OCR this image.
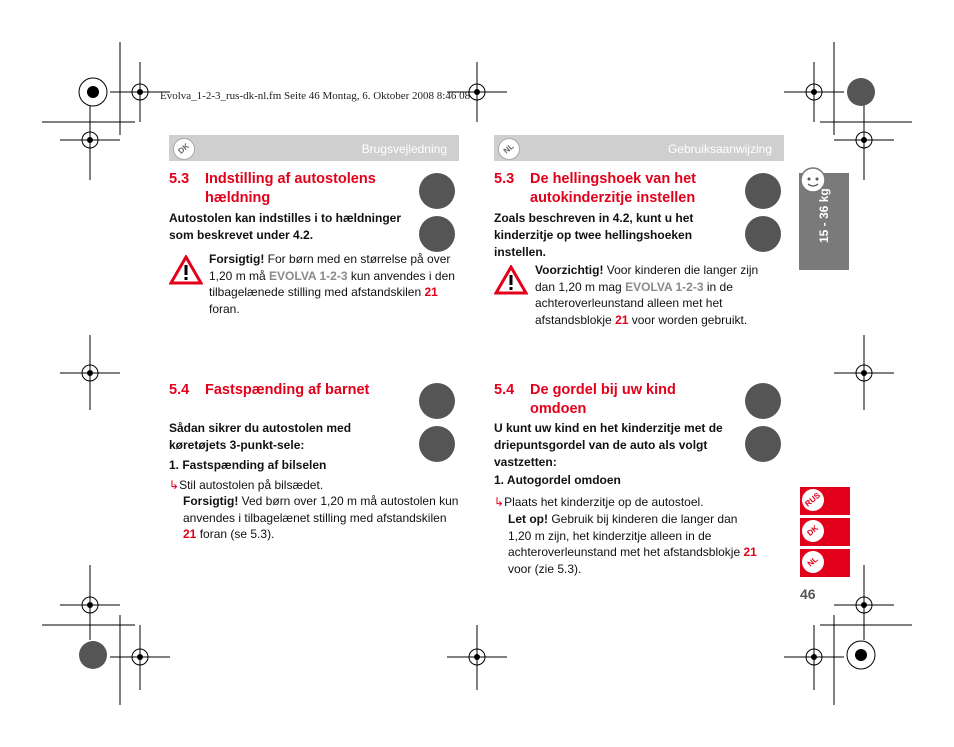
Evolva_1-2-3_rus-dk-nl.fm Seite 46 Montag, 6. Oktober 2008 8:46 08
DK	Brugsvejledning
5.3 Indstilling af autostolens hældning
Autostolen kan indstilles i to hældninger som beskrevet under 4.2.
Forsigtig! For børn med en størrelse på over 1,20 m må EVOLVA 1-2-3 kun anvendes i den tilbagelænede stilling med afstandskilen 21 foran.
5.4 Fastspænding af barnet
Sådan sikrer du autostolen med køretøjets 3-punkt-sele:
1. Fastspænding af bilselen
↳Stil autostolen på bilsædet.
Forsigtig! Ved børn over 1,20 m må autostolen kun anvendes i tilbagelænet stilling med afstandskilen 21 foran (se 5.3).
NL	Gebruiksaanwijzing
5.3 De hellingshoek van het autokinderzitje instellen
Zoals beschreven in 4.2, kunt u het kinderzitje op twee hellingshoeken instellen.
Voorzichtig! Voor kinderen die langer zijn dan 1,20 m mag EVOLVA 1-2-3 in de achteroverleunstand alleen met het afstandsblokje 21 voor worden gebruikt.
5.4 De gordel bij uw kind omdoen
U kunt uw kind en het kinderzitje met de driepuntsgordel van de auto als volgt vastzetten:
1. Autogordel omdoen
↳Plaats het kinderzitje op de autostoel.
Let op! Gebruik bij kinderen die langer dan 1,20 m zijn, het kinderzitje alleen in de achteroverleunstand met het afstandsblokje 21 voor (zie 5.3).
15 - 36 kg
RUS
DK
NL
46
